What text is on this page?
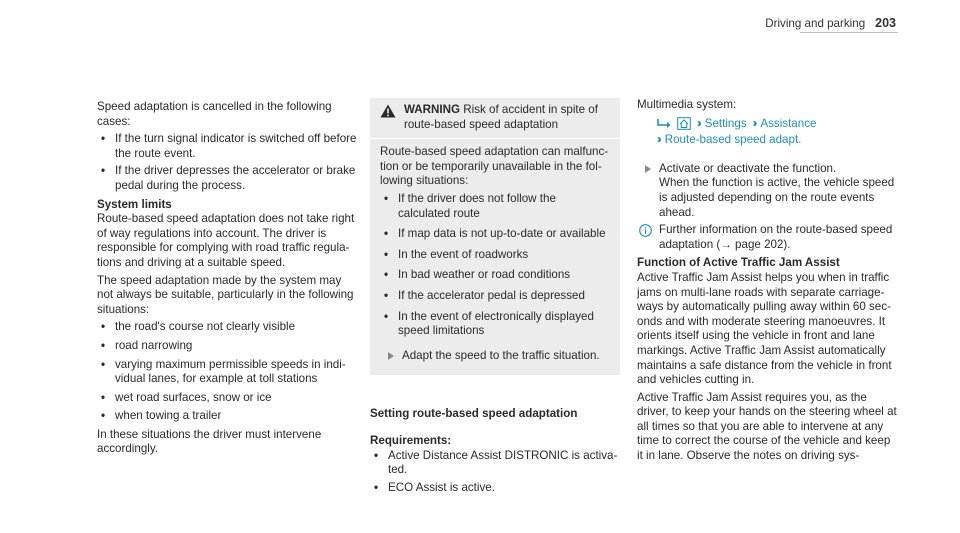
Driving and parking 203

Speed adaptation is cancelled in the following cases:

• If the turn signal indicator is switched off before the route event.
• If the driver depresses the accelerator or brake pedal during the process.
System limits

Route-based speed adaptation does not take right of way regulations into account. The driver is responsible for complying with road traffic regula-tions and driving at a suitable speed.

The speed adaptation made by the system may not always be suitable, particularly in the following situations:

• the road's course not clearly visible
• road narrowing
• varying maximum permissible speeds in indi-vidual lanes, for example at toll stations
• wet road surfaces, snow or ice
• when towing a trailer

In these situations the driver must intervene accordingly.

WARNING Risk of accident in spite of route-based speed adaptation

Route-based speed adaptation can malfunc-tion or be temporarily unavailable in the fol-lowing situations:

• If the driver does not follow the calculated route
• If map data is not up-to-date or available
• In the event of roadworks
• In bad weather or road conditions
• If the accelerator pedal is depressed
• In the event of electronically displayed speed limitations
Adapt the speed to the traffic situation.
Setting route-based speed adaptation
Requirements:
• Active Distance Assist DISTRONIC is activa-ted.
• ECO Assist is active.

Multimedia system:

›› Settings ›› Assistance
›› Route-based speed adapt.
Activate or deactivate the function.
When the function is active, the vehicle speed is adjusted depending on the route events ahead.
Further information on the route-based speed adaptation (→ page 202).
Function of Active Traffic Jam Assist

Active Traffic Jam Assist helps you when in traffic jams on multi-lane roads with separate carriage-ways by automatically pulling away within 60 sec-onds and with moderate steering manoeuvres. It orients itself using the vehicle in front and lane markings. Active Traffic Jam Assist automatically maintains a safe distance from the vehicle in front and vehicles cutting in.

Active Traffic Jam Assist requires you, as the driver, to keep your hands on the steering wheel at all times so that you are able to intervene at any time to correct the course of the vehicle and keep it in lane. Observe the notes on driving sys-
